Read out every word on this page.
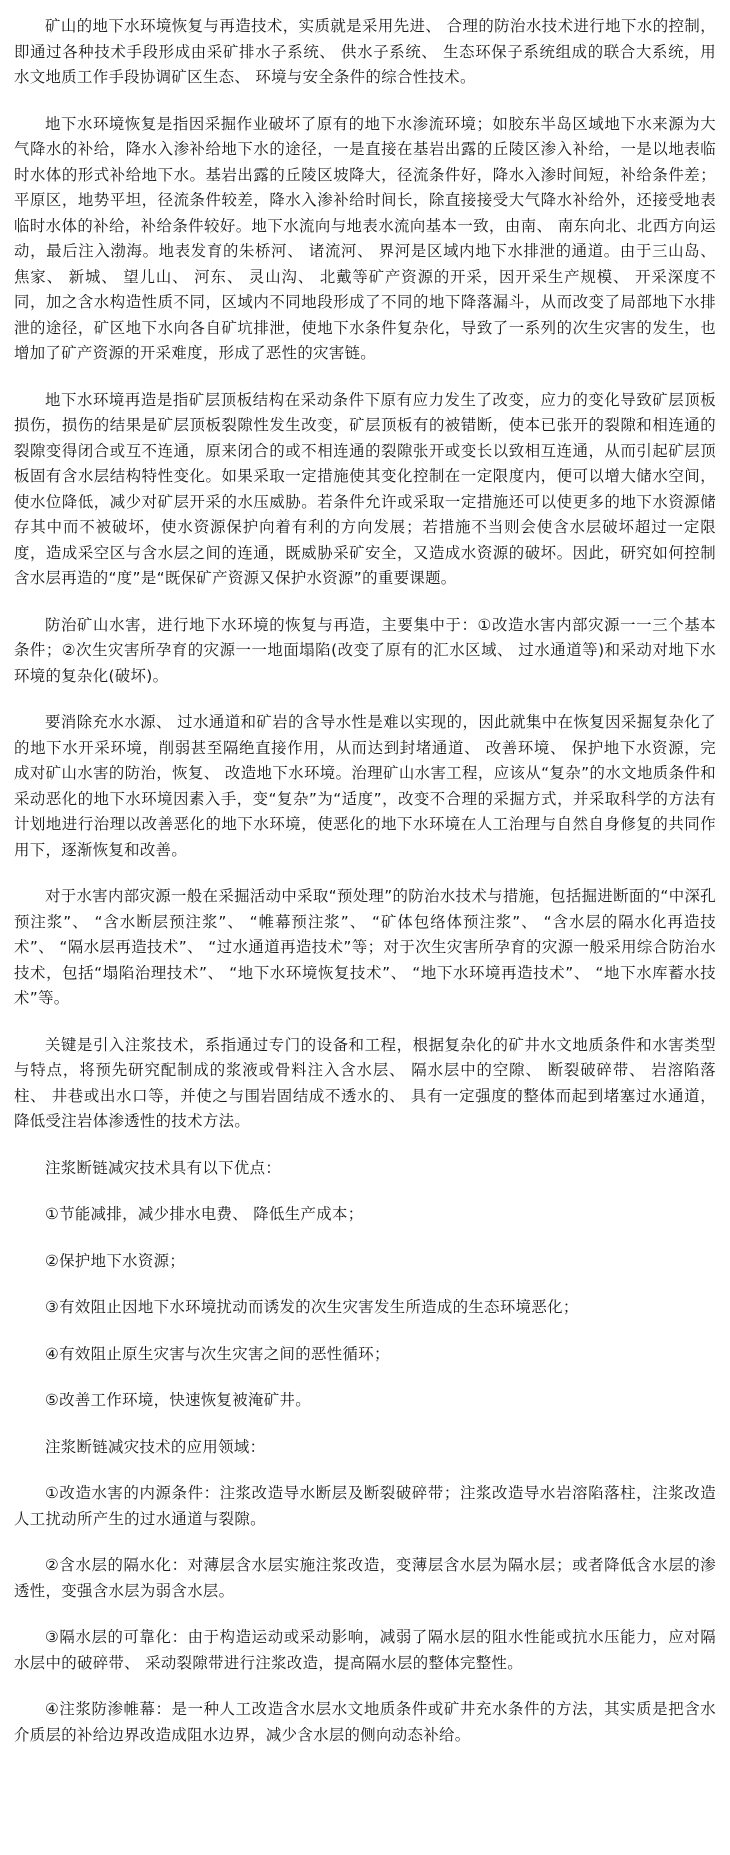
矿山的地下水环境恢复与再造技术，实质就是采用先进、 合理的防治水技术进行地下水的控制，即通过各种技术手段形成由采矿排水子系统、 供水子系统、 生态环保子系统组成的联合大系统，用水文地质工作手段协调矿区生态、 环境与安全条件的综合性技术。

地下水环境恢复是指因采掘作业破坏了原有的地下水渗流环境；如胶东半岛区域地下水来源为大气降水的补给，降水入渗补给地下水的途径，一是直接在基岩出露的丘陵区渗入补给，一是以地表临时水体的形式补给地下水。基岩出露的丘陵区坡降大，径流条件好，降水入渗时间短，补给条件差；平原区，地势平坦，径流条件较差，降水入渗补给时间长，除直接接受大气降水补给外，还接受地表临时水体的补给，补给条件较好。地下水流向与地表水流向基本一致，由南、 南东向北、北西方向运动，最后注入渤海。地表发育的朱桥河、 诸流河、 界河是区域内地下水排泄的通道。由于三山岛、 焦家、 新城、 望儿山、 河东、 灵山沟、 北戴等矿产资源的开采，因开采生产规模、 开采深度不同，加之含水构造性质不同，区域内不同地段形成了不同的地下降落漏斗，从而改变了局部地下水排泄的途径，矿区地下水向各自矿坑排泄，使地下水条件复杂化，导致了一系列的次生灾害的发生，也增加了矿产资源的开采难度，形成了恶性的灾害链。

地下水环境再造是指矿层顶板结构在采动条件下原有应力发生了改变，应力的变化导致矿层顶板损伤，损伤的结果是矿层顶板裂隙性发生改变，矿层顶板有的被错断，使本已张开的裂隙和相连通的裂隙变得闭合或互不连通，原来闭合的或不相连通的裂隙张开或变长以致相互连通，从而引起矿层顶板固有含水层结构特性变化。如果采取一定措施使其变化控制在一定限度内，便可以增大储水空间，使水位降低，减少对矿层开采的水压威胁。若条件允许或采取一定措施还可以使更多的地下水资源储存其中而不被破坏，使水资源保护向着有利的方向发展；若措施不当则会使含水层破坏超过一定限度，造成采空区与含水层之间的连通，既威胁采矿安全，又造成水资源的破坏。因此，研究如何控制含水层再造的“度”是“既保矿产资源又保护水资源”的重要课题。

防治矿山水害，进行地下水环境的恢复与再造，主要集中于：①改造水害内部灾源一一三个基本条件；②次生灾害所孕育的灾源一一地面塌陷(改变了原有的汇水区域、 过水通道等)和采动对地下水环境的复杂化(破坏)。

要消除充水水源、 过水通道和矿岩的含导水性是难以实现的，因此就集中在恢复因采掘复杂化了的地下水开采环境，削弱甚至隔绝直接作用，从而达到封堵通道、 改善环境、 保护地下水资源，完成对矿山水害的防治，恢复、 改造地下水环境。治理矿山水害工程，应该从“复杂”的水文地质条件和采动恶化的地下水环境因素入手，变“复杂”为“适度”，改变不合理的采掘方式，并采取科学的方法有计划地进行治理以改善恶化的地下水环境，使恶化的地下水环境在人工治理与自然自身修复的共同作用下，逐渐恢复和改善。

对于水害内部灾源一般在采掘活动中采取“预处理”的防治水技术与措施，包括掘进断面的“中深孔预注浆”、 “含水断层预注浆”、 “帷幕预注浆”、 “矿体包络体预注浆”、 “含水层的隔水化再造技术”、 “隔水层再造技术”、 “过水通道再造技术”等；对于次生灾害所孕育的灾源一般采用综合防治水技术，包括“塌陷治理技术”、 “地下水环境恢复技术”、 “地下水环境再造技术”、 “地下水库蓄水技术”等。

关键是引入注浆技术，系指通过专门的设备和工程，根据复杂化的矿井水文地质条件和水害类型与特点，将预先研究配制成的浆液或骨料注入含水层、 隔水层中的空隙、 断裂破碎带、 岩溶陷落柱、 井巷或出水口等，并使之与围岩固结成不透水的、 具有一定强度的整体而起到堵塞过水通道，降低受注岩体渗透性的技术方法。

注浆断链减灾技术具有以下优点：

①节能减排，减少排水电费、 降低生产成本；

②保护地下水资源；

③有效阻止因地下水环境扰动而诱发的次生灾害发生所造成的生态环境恶化；

④有效阻止原生灾害与次生灾害之间的恶性循环；

⑤改善工作环境，快速恢复被淹矿井。

注浆断链减灾技术的应用领域：

①改造水害的内源条件：注浆改造导水断层及断裂破碎带；注浆改造导水岩溶陷落柱，注浆改造人工扰动所产生的过水通道与裂隙。

②含水层的隔水化：对薄层含水层实施注浆改造，变薄层含水层为隔水层；或者降低含水层的渗透性，变强含水层为弱含水层。

③隔水层的可靠化：由于构造运动或采动影响，减弱了隔水层的阻水性能或抗水压能力，应对隔水层中的破碎带、 采动裂隙带进行注浆改造，提高隔水层的整体完整性。

④注浆防渗帷幕：是一种人工改造含水层水文地质条件或矿井充水条件的方法，其实质是把含水介质层的补给边界改造成阻水边界，减少含水层的侧向动态补给。
